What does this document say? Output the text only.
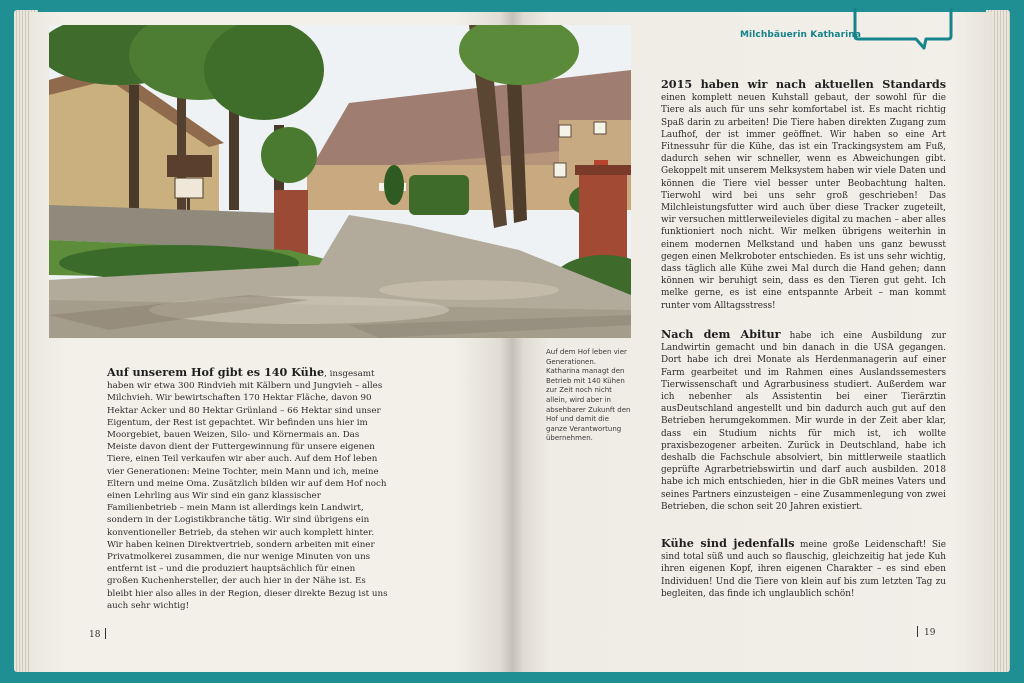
Milchbäuerin Katharina

Auf unserem Hof gibt es 140 Kühe, insgesamt haben wir etwa 300 Rindvieh mit Kälbern und Jungvieh – alles Milchvieh. Wir bewirtschaften 170 Hektar Fläche, davon 90 Hektar Acker und 80 Hektar Grünland – 66 Hektar sind unser Eigentum, der Rest ist gepachtet. Wir befinden uns hier im Moorgebiet, bauen Weizen, Silo- und Körnermais an. Das Meiste davon dient der Futtergewinnung für unsere eigenen Tiere, einen Teil verkaufen wir aber auch. Auf dem Hof leben vier Generationen: Meine Tochter, mein Mann und ich, meine Eltern und meine Oma. Zusätzlich bilden wir auf dem Hof noch einen Lehrling aus Wir sind ein ganz klassischer Familienbetrieb – mein Mann ist allerdings kein Landwirt, sondern in der Logistikbranche tätig. Wir sind übrigens ein konventioneller Betrieb, da stehen wir auch komplett hinter. Wir haben keinen Direktvertrieb, sondern arbeiten mit einer Privatmolkerei zusammen, die nur wenige Minuten von uns entfernt ist – und die produziert hauptsächlich für einen großen Kuchenhersteller, der auch hier in der Nähe ist. Es bleibt hier also alles in der Region, dieser direkte Bezug ist uns auch sehr wichtig!

Auf dem Hof leben vier Generationen. Katharina managt den Betrieb mit 140 Kühen zur Zeit noch nicht allein, wird aber in absehbarer Zukunft den Hof und damit die ganze Verantwortung übernehmen.

2015 haben wir nach aktuellen Standards einen komplett neuen Kuhstall gebaut, der sowohl für die Tiere als auch für uns sehr komfortabel ist. Es macht richtig Spaß darin zu arbeiten! Die Tiere haben direkten Zugang zum Laufhof, der ist immer geöffnet. Wir haben so eine Art Fitnessuhr für die Kühe, das ist ein Trackingsystem am Fuß, dadurch sehen wir schneller, wenn es Abweichungen gibt. Gekoppelt mit unserem Melksystem haben wir viele Daten und können die Tiere viel besser unter Beobachtung halten. Tierwohl wird bei uns sehr groß geschrieben! Das Milchleistungsfutter wird auch über diese Tracker zugeteilt, wir versuchen mittlerweilevieles digital zu machen – aber alles funktioniert noch nicht. Wir melken übrigens weiterhin in einem modernen Melkstand und haben uns ganz bewusst gegen einen Melkroboter entschieden. Es ist uns sehr wichtig, dass täglich alle Kühe zwei Mal durch die Hand gehen; dann können wir beruhigt sein, dass es den Tieren gut geht. Ich melke gerne, es ist eine entspannte Arbeit – man kommt runter vom Alltagsstress!

Nach dem Abitur habe ich eine Ausbildung zur Landwirtin gemacht und bin danach in die USA gegangen. Dort habe ich drei Monate als Herdenmanagerin auf einer Farm gearbeitet und im Rahmen eines Auslandssemesters Tierwissenschaft und Agrarbusiness studiert. Außerdem war ich nebenher als Assistentin bei einer Tierärztin ausDeutschland angestellt und bin dadurch auch gut auf den Betrieben herumgekommen. Mir wurde in der Zeit aber klar, dass ein Studium nichts für mich ist, ich wollte praxisbezogener arbeiten. Zurück in Deutschland, habe ich deshalb die Fachschule absolviert, bin mittlerweile staatlich geprüfte Agrarbetriebswirtin und darf auch ausbilden. 2018 habe ich mich entschieden, hier in die GbR meines Vaters und seines Partners einzusteigen – eine Zusammenlegung von zwei Betrieben, die schon seit 20 Jahren existiert.

Kühe sind jedenfalls meine große Leidenschaft! Sie sind total süß und auch so flauschig, gleichzeitig hat jede Kuh ihren eigenen Kopf, ihren eigenen Charakter – es sind eben Individuen! Und die Tiere von klein auf bis zum letzten Tag zu begleiten, das finde ich unglaublich schön!

18	19
